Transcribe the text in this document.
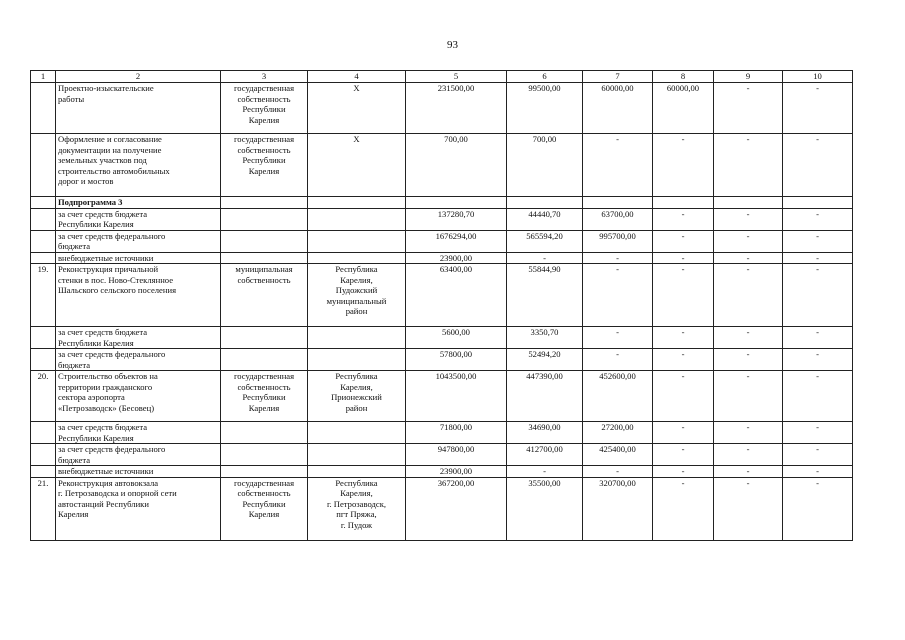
93
1	2	3	4	5	6	7	8	9	10
	Проектно-изыскательские
работы	государственная
собственность
Республики
Карелия	Х	231500,00	99500,00	60000,00	60000,00	-	-
	Оформление и согласование
документации на получение
земельных участков под
строительство автомобильных
дорог и мостов	государственная
собственность
Республики
Карелия	Х	700,00	700,00	-	-	-	-
	Подпрограмма 3								
	за счет средств бюджета
Республики Карелия			137280,70	44440,70	63700,00	-	-	-
	за счет средств федерального
бюджета			1676294,00	565594,20	995700,00	-	-	-
	внебюджетные источники			23900,00	-	-	-	-	-
19.	Реконструкция причальной
стенки в пос. Ново-Стеклянное
Шальского сельского поселения	муниципальная
собственность	Республика
Карелия,
Пудожский
муниципальный
район	63400,00	55844,90	-	-	-	-
	за счет средств бюджета
Республики Карелия			5600,00	3350,70	-	-	-	-
	за счет средств федерального
бюджета			57800,00	52494,20	-	-	-	-
20.	Строительство объектов на
территории гражданского
сектора аэропорта
«Петрозаводск» (Бесовец)	государственная
собственность
Республики
Карелия	Республика
Карелия,
Прионежский
район	1043500,00	447390,00	452600,00	-	-	-
	за счет средств бюджета
Республики Карелия			71800,00	34690,00	27200,00	-	-	-
	за счет средств федерального
бюджета			947800,00	412700,00	425400,00	-	-	-
	внебюджетные источники			23900,00	-	-	-	-	-
21.	Реконструкция автовокзала
г. Петрозаводска и опорной сети
автостанций Республики
Карелия	государственная
собственность
Республики
Карелия	Республика
Карелия,
г. Петрозаводск,
пгт Пряжа,
г. Пудож	367200,00	35500,00	320700,00	-	-	-
